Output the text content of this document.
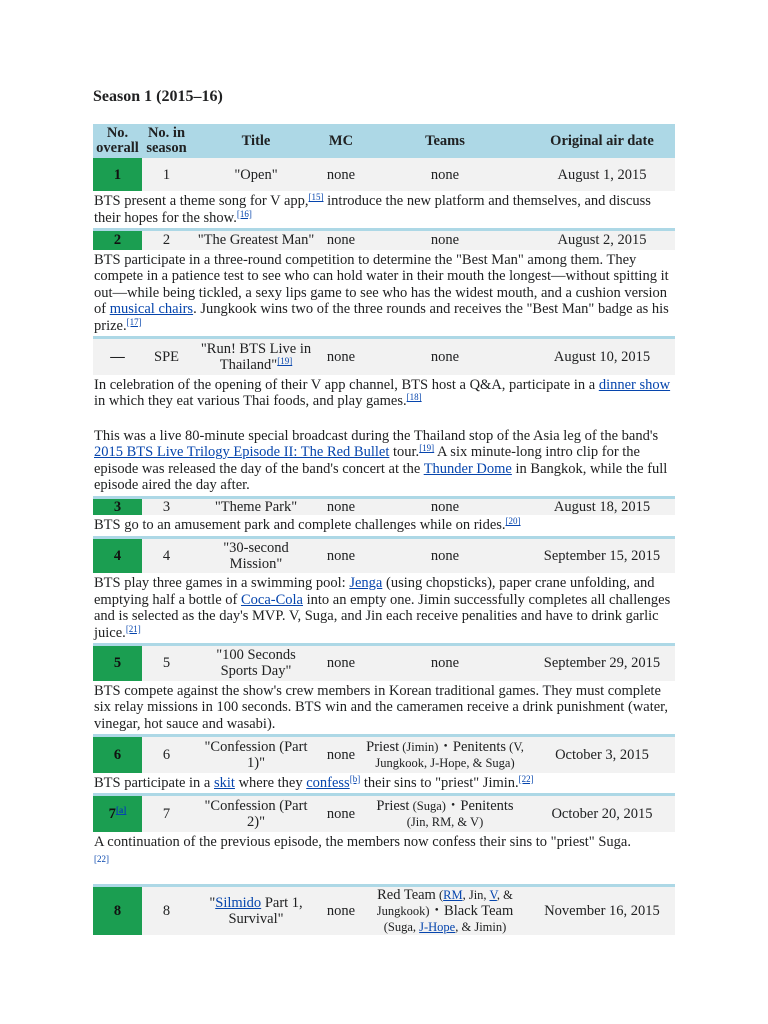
Season 1 (2015–16)
No.
overall	No. in
season	Title	MC	Teams	Original air date
1	1	"Open"	none	none	August 1, 2015
BTS present a theme song for V app,[15] introduce the new platform and themselves, and discuss their hopes for the show.[16]
2	2	"The Greatest Man"	none	none	August 2, 2015
BTS participate in a three-round competition to determine the "Best Man" among them. They compete in a patience test to see who can hold water in their mouth the longest—without spitting it out—while being tickled, a sexy lips game to see who has the widest mouth, and a cushion version of musical chairs. Jungkook wins two of the three rounds and receives the "Best Man" badge as his prize.[17]
—	SPE	"Run! BTS Live in
Thailand"[19]	none	none	August 10, 2015
In celebration of the opening of their V app channel, BTS host a Q&A, participate in a dinner show in which they eat various Thai foods, and play games.[18]
This was a live 80-minute special broadcast during the Thailand stop of the Asia leg of the band's 2015 BTS Live Trilogy Episode II: The Red Bullet tour.[19] A six minute-long intro clip for the episode was released the day of the band's concert at the Thunder Dome in Bangkok, while the full episode aired the day after.					

3	3	"Theme Park"	none	none	August 18, 2015
BTS go to an amusement park and complete challenges while on rides.[20]
4	4	"30-second
Mission"	none	none	September 15, 2015
BTS play three games in a swimming pool: Jenga (using chopsticks), paper crane unfolding, and emptying half a bottle of Coca-Cola into an empty one. Jimin successfully completes all challenges and is selected as the day's MVP. V, Suga, and Jin each receive penalities and have to drink garlic juice.[21]
5	5	"100 Seconds
Sports Day"	none	none	September 29, 2015
BTS compete against the show's crew members in Korean traditional games. They must complete six relay missions in 100 seconds. BTS win and the cameramen receive a drink punishment (water, vinegar, hot sauce and wasabi).					
6	6	"Confession (Part
1)"	none	Priest (Jimin)・Penitents (V,
Jungkook, J-Hope, & Suga)	October 3, 2015
BTS participate in a skit where they confess[b] their sins to "priest" Jimin.[22]
7[a]	7	"Confession (Part
2)"	none	Priest (Suga)・Penitents
(Jin, RM, & V)	October 20, 2015
A continuation of the previous episode, the members now confess their sins to "priest" Suga.
[22]					

8	8	"Silmido Part 1,
Survival"	none	Red Team (RM, Jin, V, &
Jungkook)・Black Team
(Suga, J-Hope, & Jimin)	November 16, 2015
